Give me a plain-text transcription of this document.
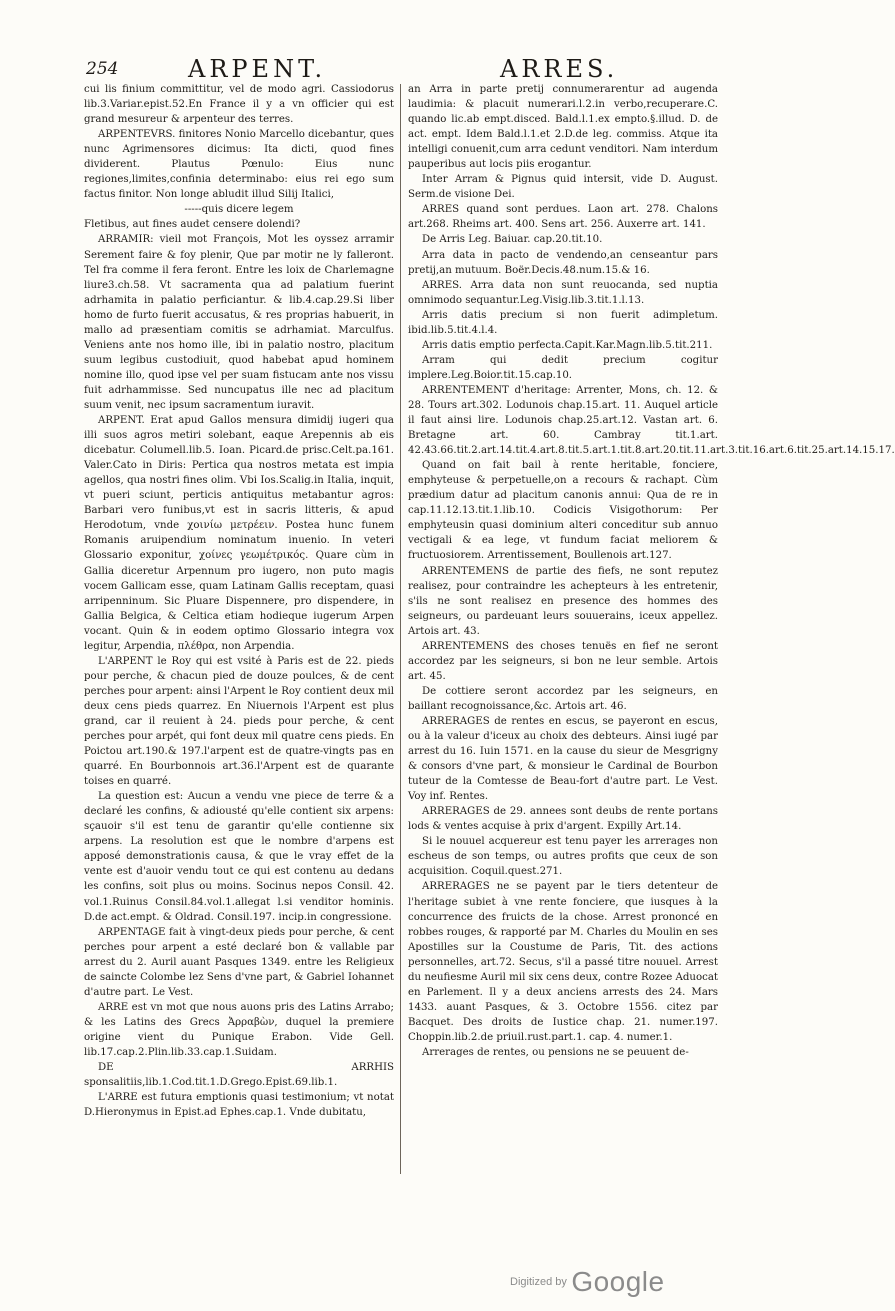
254	ARPENT.	ARRES.

cui lis finium committitur, vel de modo agri. Cassiodorus lib.3.Variar.epist.52.En France il y a vn officier qui est grand mesureur & arpenteur des terres.

ARPENTEVRS. finitores Nonio Marcello dicebantur, ques nunc Agrimensores dicimus: Ita dicti, quod fines dividerent. Plautus Pœnulo: Eius nunc regiones,limites,confinia determinabo: eius rei ego sum factus finitor. Non longe abludit illud Silij Italici,

-----quis dicere legem

Fletibus, aut fines audet censere dolendi?

ARRAMIR: vieil mot François, Mot les oyssez arramir Serement faire & foy plenir, Que par motir ne ly falleront. Tel fra comme il fera feront. Entre les loix de Charlemagne liure3.ch.58. Vt sacramenta qua ad palatium fuerint adrhamita in palatio perficiantur. & lib.4.cap.29.Si liber homo de furto fuerit accusatus, & res proprias habuerit, in mallo ad præsentiam comitis se adrhamiat. Marculfus. Veniens ante nos homo ille, ibi in palatio nostro, placitum suum legibus custodiuit, quod habebat apud hominem nomine illo, quod ipse vel per suam fistucam ante nos vissu fuit adrhammisse. Sed nuncupatus ille nec ad placitum suum venit, nec ipsum sacramentum iuravit.

ARPENT. Erat apud Gallos mensura dimidij iugeri qua illi suos agros metiri solebant, eaque Arepennis ab eis dicebatur. Columell.lib.5. Ioan. Picard.de prisc.Celt.pa.161. Valer.Cato in Diris: Pertica qua nostros metata est impia agellos, qua nostri fines olim. Vbi Ios.Scalig.in Italia, inquit, vt pueri sciunt, perticis antiquitus metabantur agros: Barbari vero funibus,vt est in sacris litteris, & apud Herodotum, vnde χοινίω μετρέειν. Postea hunc funem Romanis aruipendium nominatum inuenio. In veteri Glossario exponitur, χοίνες γεωμέτρικός. Quare cùm in Gallia diceretur Arpennum pro iugero, non puto magis vocem Gallicam esse, quam Latinam Gallis receptam, quasi arripenninum. Sic Pluare Dispennere, pro dispendere, in Gallia Belgica, & Celtica etiam hodieque iugerum Arpen vocant. Quin & in eodem optimo Glossario integra vox legitur, Arpendia, πλέθρα, non Arpendia.

L'ARPENT le Roy qui est vsité à Paris est de 22. pieds pour perche, & chacun pied de douze poulces, & de cent perches pour arpent: ainsi l'Arpent le Roy contient deux mil deux cens pieds quarrez. En Niuernois l'Arpent est plus grand, car il reuient à 24. pieds pour perche, & cent perches pour arpét, qui font deux mil quatre cens pieds. En Poictou art.190.& 197.l'arpent est de quatre-vingts pas en quarré. En Bourbonnois art.36.l'Arpent est de quarante toises en quarré.

La question est: Aucun a vendu vne piece de terre & a declaré les confins, & adiousté qu'elle contient six arpens: sçauoir s'il est tenu de garantir qu'elle contienne six arpens. La resolution est que le nombre d'arpens est apposé demonstrationis causa, & que le vray effet de la vente est d'auoir vendu tout ce qui est contenu au dedans les confins, soit plus ou moins. Socinus nepos Consil. 42. vol.1.Ruinus Consil.84.vol.1.allegat l.si venditor hominis. D.de act.empt. & Oldrad. Consil.197. incip.in congressione.

ARPENTAGE fait à vingt-deux pieds pour perche, & cent perches pour arpent a esté declaré bon & vallable par arrest du 2. Auril auant Pasques 1349. entre les Religieux de saincte Colombe lez Sens d'vne part, & Gabriel Iohannet d'autre part. Le Vest.

ARRE est vn mot que nous auons pris des Latins Arrabo; & les Latins des Grecs Ἀρραβὼν, duquel la premiere origine vient du Punique Erabon. Vide Gell. lib.17.cap.2.Plin.lib.33.cap.1.Suidam.

DE ARRHIS sponsalitiis,lib.1.Cod.tit.1.D.Grego.Epist.69.lib.1.

L'ARRE est futura emptionis quasi testimonium; vt notat D.Hieronymus in Epist.ad Ephes.cap.1. Vnde dubitatu,

an Arra in parte pretij connumerarentur ad augenda laudimia: & placuit numerari.l.2.in verbo,recuperare.C. quando lic.ab empt.disced. Bald.l.1.ex empto.§.illud. D. de act. empt. Idem Bald.l.1.et 2.D.de leg. commiss. Atque ita intelligi conuenit,cum arra cedunt venditori. Nam interdum pauperibus aut locis piis erogantur.

Inter Arram & Pignus quid intersit, vide D. August. Serm.de visione Dei.

ARRES quand sont perdues. Laon art. 278. Chalons art.268. Rheims art. 400. Sens art. 256. Auxerre art. 141.

De Arris Leg. Baiuar. cap.20.tit.10.

Arra data in pacto de vendendo,an censeantur pars pretij,an mutuum. Boër.Decis.48.num.15.& 16.

ARRES. Arra data non sunt reuocanda, sed nuptia omnimodo sequantur.Leg.Visig.lib.3.tit.1.l.13.

Arris datis precium si non fuerit adimpletum. ibid.lib.5.tit.4.l.4.

Arris datis emptio perfecta.Capit.Kar.Magn.lib.5.tit.211.

Arram qui dedit precium cogitur implere.Leg.Boior.tit.15.cap.10.

ARRENTEMENT d'heritage: Arrenter, Mons, ch. 12. & 28. Tours art.302. Lodunois chap.15.art. 11. Auquel article il faut ainsi lire. Lodunois chap.25.art.12. Vastan art. 6. Bretagne art. 60. Cambray tit.1.art. 42.43.66.tit.2.art.14.tit.4.art.8.tit.5.art.1.tit.8.art.20.tit.11.art.3.tit.16.art.6.tit.25.art.14.15.17.

Quand on fait bail à rente heritable, fonciere, emphyteuse & perpetuelle,on a recours & rachapt. Cùm prædium datur ad placitum canonis annui: Qua de re in cap.11.12.13.tit.1.lib.10. Codicis Visigothorum: Per emphyteusin quasi dominium alteri conceditur sub annuo vectigali & ea lege, vt fundum faciat meliorem & fructuosiorem. Arrentissement, Boullenois art.127.

ARRENTEMENS de partie des fiefs, ne sont reputez realisez, pour contraindre les achepteurs à les entretenir, s'ils ne sont realisez en presence des hommes des seigneurs, ou pardeuant leurs souuerains, iceux appellez. Artois art. 43.

ARRENTEMENS des choses tenuës en fief ne seront accordez par les seigneurs, si bon ne leur semble. Artois art. 45.

De cottiere seront accordez par les seigneurs, en baillant recognoissance,&c. Artois art. 46.

ARRERAGES de rentes en escus, se payeront en escus, ou à la valeur d'iceux au choix des debteurs. Ainsi iugé par arrest du 16. Iuin 1571. en la cause du sieur de Mesgrigny & consors d'vne part, & monsieur le Cardinal de Bourbon tuteur de la Comtesse de Beau-fort d'autre part. Le Vest. Voy inf. Rentes.

ARRERAGES de 29. annees sont deubs de rente portans lods & ventes acquise à prix d'argent. Expilly Art.14.

Si le nouuel acquereur est tenu payer les arrerages non escheus de son temps, ou autres profits que ceux de son acquisition. Coquil.quest.271.

ARRERAGES ne se payent par le tiers detenteur de l'heritage subiet à vne rente fonciere, que iusques à la concurrence des fruicts de la chose. Arrest prononcé en robbes rouges, & rapporté par M. Charles du Moulin en ses Apostilles sur la Coustume de Paris, Tit. des actions personnelles, art.72. Secus, s'il a passé titre nouuel. Arrest du neufiesme Auril mil six cens deux, contre Rozee Aduocat en Parlement. Il y a deux anciens arrests des 24. Mars 1433. auant Pasques, & 3. Octobre 1556. citez par Bacquet. Des droits de Iustice chap. 21. numer.197. Choppin.lib.2.de priuil.rust.part.1. cap. 4. numer.1.

Arrerages de rentes, ou pensions ne se peuuent de-

Digitized by Google
